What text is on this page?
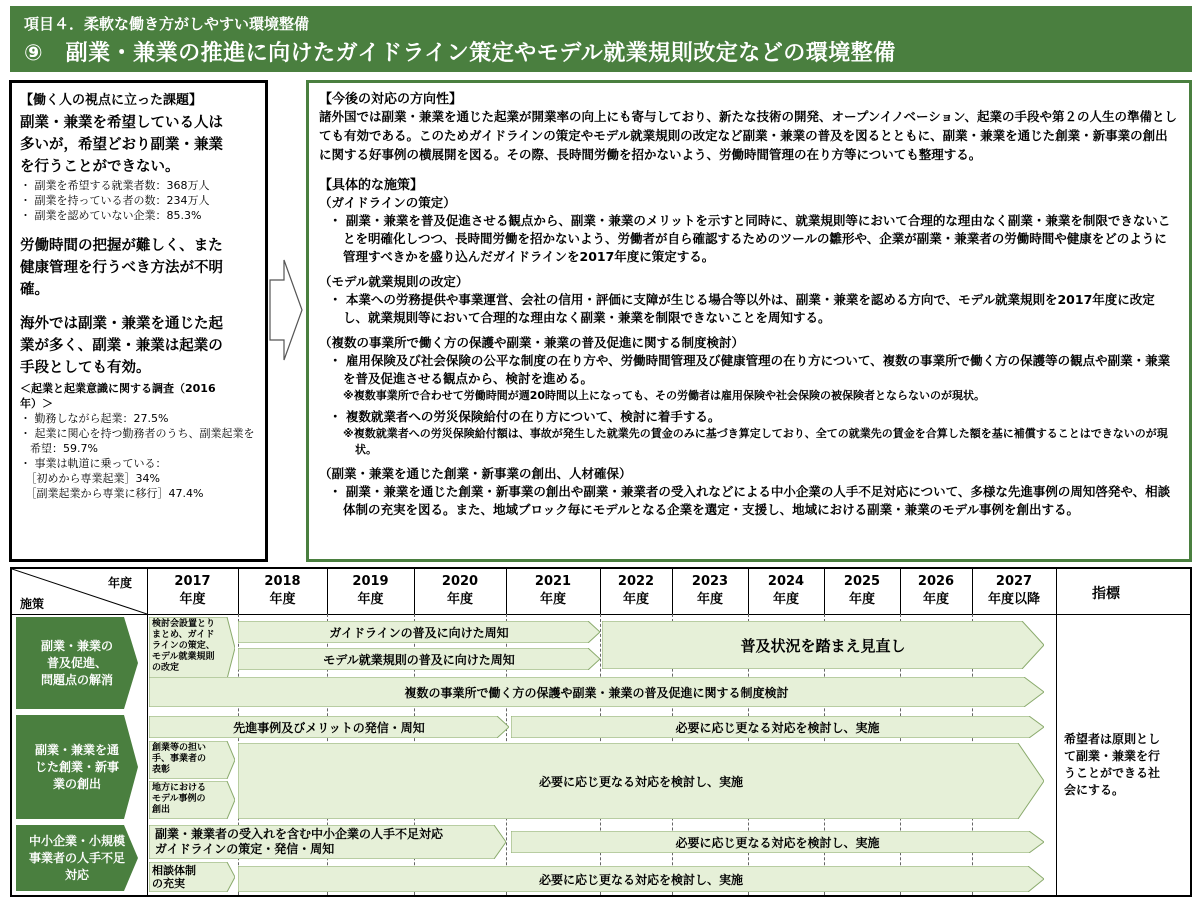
項目４．柔軟な働き方がしやすい環境整備
⑨　副業・兼業の推進に向けたガイドライン策定やモデル就業規則改定などの環境整備
【働く人の視点に立った課題】
副業・兼業を希望している人は
多いが，希望どおり副業・兼業
を行うことができない。
・ 副業を希望する就業者数：368万人
・ 副業を持っている者の数：234万人
・ 副業を認めていない企業：85.3%
労働時間の把握が難しく、また
健康管理を行うべき方法が不明
確。
海外では副業・兼業を通じた起
業が多く、副業・兼業は起業の
手段としても有効。
＜起業と起業意識に関する調査（2016
年）＞
・ 勤務しながら起業：27.5%
・ 起業に関心を持つ勤務者のうち、副業起業を希望：59.7%
・ 事業は軌道に乗っている：
　［初めから専業起業］34%
　［副業起業から専業に移行］47.4%
【今後の対応の方向性】
諸外国では副業・兼業を通じた起業が開業率の向上にも寄与しており、新たな技術の開発、オープンイノベーション、起業の手段や第２の人生の準備としても有効である。このためガイドラインの策定やモデル就業規則の改定など副業・兼業の普及を図るとともに、副業・兼業を通じた創業・新事業の創出に関する好事例の横展開を図る。その際、長時間労働を招かないよう、労働時間管理の在り方等についても整理する。
【具体的な施策】
（ガイドラインの策定）
・ 副業・兼業を普及促進させる観点から、副業・兼業のメリットを示すと同時に、就業規則等において合理的な理由なく副業・兼業を制限できないことを明確化しつつ、長時間労働を招かないよう、労働者が自ら確認するためのツールの雛形や、企業が副業・兼業者の労働時間や健康をどのように管理すべきかを盛り込んだガイドラインを2017年度に策定する。
（モデル就業規則の改定）
・ 本業への労務提供や事業運営、会社の信用・評価に支障が生じる場合等以外は、副業・兼業を認める方向で、モデル就業規則を2017年度に改定し、就業規則等において合理的な理由なく副業・兼業を制限できないことを周知する。
（複数の事業所で働く方の保護や副業・兼業の普及促進に関する制度検討）
・ 雇用保険及び社会保険の公平な制度の在り方や、労働時間管理及び健康管理の在り方について、複数の事業所で働く方の保護等の観点や副業・兼業を普及促進させる観点から、検討を進める。
※複数事業所で合わせて労働時間が週20時間以上になっても、その労働者は雇用保険や社会保険の被保険者とならないのが現状。
・ 複数就業者への労災保険給付の在り方について、検討に着手する。
※複数就業者への労災保険給付額は、事故が発生した就業先の賃金のみに基づき算定しており、全ての就業先の賃金を合算した額を基に補償することはできないのが現状。
（副業・兼業を通じた創業・新事業の創出、人材確保）
・ 副業・兼業を通じた創業・新事業の創出や副業・兼業者の受入れなどによる中小企業の人手不足対応について、多様な先進事例の周知啓発や、相談体制の充実を図る。また、地域ブロック毎にモデルとなる企業を選定・支援し、地域における副業・兼業のモデル事例を創出する。
年度
施策
指標
2017
年度
2018
年度
2019
年度
2020
年度
2021
年度
2022
年度
2023
年度
2024
年度
2025
年度
2026
年度
2027
年度以降
副業・兼業の
普及促進、
問題点の解消
副業・兼業を通
じた創業・新事
業の創出
中小企業・小規模
事業者の人手不足
対応
検討会設置とり
まとめ、ガイド
ラインの策定、
モデル就業規則
の改定
創業等の担い
手、事業者の
表彰
地方における
モデル事例の
創出
相談体制
の充実
ガイドラインの普及に向けた周知
モデル就業規則の普及に向けた周知
普及状況を踏まえ見直し
複数の事業所で働く方の保護や副業・兼業の普及促進に関する制度検討
先進事例及びメリットの発信・周知	必要に応じ更なる対応を検討し、実施
必要に応じ更なる対応を検討し、実施
副業・兼業者の受入れを含む中小企業の人手不足対応
ガイドラインの策定・発信・周知	必要に応じ更なる対応を検討し、実施
必要に応じ更なる対応を検討し、実施
希望者は原則とし
て副業・兼業を行
うことができる社
会にする。
